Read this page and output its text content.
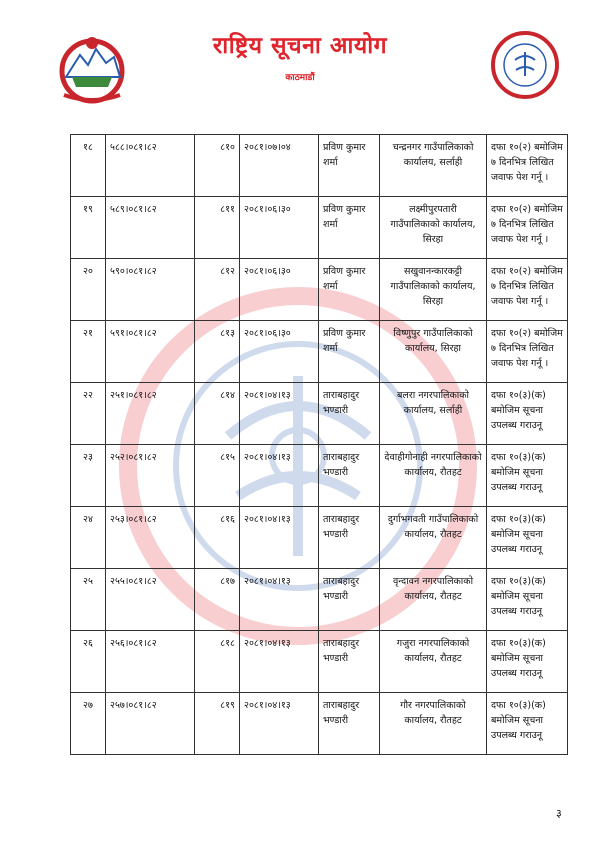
राष्ट्रिय सूचना आयोग
काठमाडौं
१८	५८८।०८१।८२	८१०	२०८१।०७।०४	प्रविण कुमार शर्मा	चन्द्रनगर गाउँपालिकाको कार्यालय, सर्लाही	दफा १०(२) बमोजिम ७ दिनभित्र लिखित जवाफ पेश गर्नू ।
१९	५८९।०८१।८२	८११	२०८१।०६।३०	प्रविण कुमार शर्मा	लक्ष्मीपुरपतारी गाउँपालिकाको कार्यालय, सिरहा	दफा १०(२) बमोजिम ७ दिनभित्र लिखित जवाफ पेश गर्नू ।
२०	५९०।०८१।८२	८१२	२०८१।०६।३०	प्रविण कुमार शर्मा	सखुवानन्कारकट्टी गाउँपालिकाको कार्यालय, सिरहा	दफा १०(२) बमोजिम ७ दिनभित्र लिखित जवाफ पेश गर्नू ।
२१	५९१।०८१।८२	८१३	२०८१।०६।३०	प्रविण कुमार शर्मा	विष्णुपुर गाउँपालिकाको कार्यालय, सिरहा	दफा १०(२) बमोजिम ७ दिनभित्र लिखित जवाफ पेश गर्नू ।
२२	२५१।०८१।८२	८१४	२०८१।०४।१३	ताराबहादुर भण्डारी	बलरा नगरपालिकाको कार्यालय, सर्लाही	दफा १०(३)(क) बमोजिम सूचना उपलब्ध गराउनू
२३	२५२।०८१।८२	८१५	२०८१।०४।१३	ताराबहादुर भण्डारी	देवाहीगोनाही नगरपालिकाको कार्यालय, रौतहट	दफा १०(३)(क) बमोजिम सूचना उपलब्ध गराउनू
२४	२५३।०८१।८२	८१६	२०८१।०४।१३	ताराबहादुर भण्डारी	दुर्गाभगवती गाउँपालिकाको कार्यालय, रौतहट	दफा १०(३)(क) बमोजिम सूचना उपलब्ध गराउनू
२५	२५५।०८१।८२	८१७	२०८१।०४।१३	ताराबहादुर भण्डारी	वृन्दावन नगरपालिकाको कार्यालय, रौतहट	दफा १०(३)(क) बमोजिम सूचना उपलब्ध गराउनू
२६	२५६।०८१।८२	८१८	२०८१।०४।१३	ताराबहादुर भण्डारी	गजुरा नगरपालिकाको कार्यालय, रौतहट	दफा १०(३)(क) बमोजिम सूचना उपलब्ध गराउनू
२७	२५७।०८१।८२	८१९	२०८१।०४।१३	ताराबहादुर भण्डारी	गौर नगरपालिकाको कार्यालय, रौतहट	दफा १०(३)(क) बमोजिम सूचना उपलब्ध गराउनू
३
